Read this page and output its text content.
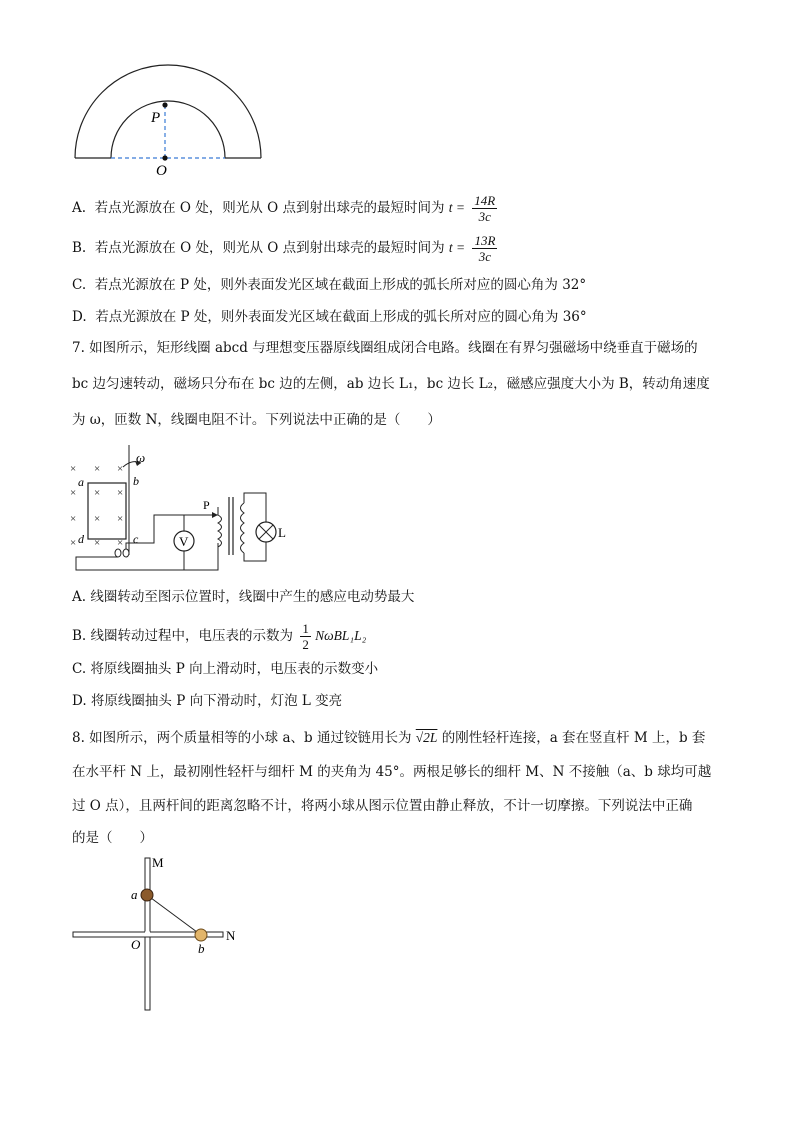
P
O
A. 若点光源放在 O 处，则光从 O 点到射出球壳的最短时间为 $t = \frac{14R}{3c}$
B. 若点光源放在 O 处，则光从 O 点到射出球壳的最短时间为 $t = \frac{13R}{3c}$
C. 若点光源放在 P 处，则外表面发光区域在截面上形成的弧长所对应的圆心角为 32°
D. 若点光源放在 P 处，则外表面发光区域在截面上形成的弧长所对应的圆心角为 36°
7. 如图所示，矩形线圈 abcd 与理想变压器原线圈组成闭合电路。线圈在有界匀强磁场中绕垂直于磁场的
bc 边匀速转动，磁场只分布在 bc 边的左侧，ab 边长 L₁，bc 边长 L₂，磁感应强度大小为 B，转动角速度
为 ω，匝数 N，线圈电阻不计。下列说法中正确的是（　　）
ω
× × ×
× × ×
× × ×
× × ×
a	b
c
d	V
P
L
A. 线圈转动至图示位置时，线圈中产生的感应电动势最大
B. 线圈转动过程中，电压表的示数为 $\frac{1}{2} N\omega BL_1L_2$
C. 将原线圈抽头 P 向上滑动时，电压表的示数变小
D. 将原线圈抽头 P 向下滑动时，灯泡 L 变亮
8. 如图所示，两个质量相等的小球 a、b 通过铰链用长为 √2L 的刚性轻杆连接，a 套在竖直杆 M 上，b 套
在水平杆 N 上，最初刚性轻杆与细杆 M 的夹角为 45°。两根足够长的细杆 M、N 不接触（a、b 球均可越
过 O 点），且两杆间的距离忽略不计，将两小球从图示位置由静止释放，不计一切摩擦。下列说法中正确
的是（　　）
M
N
a
b
O
